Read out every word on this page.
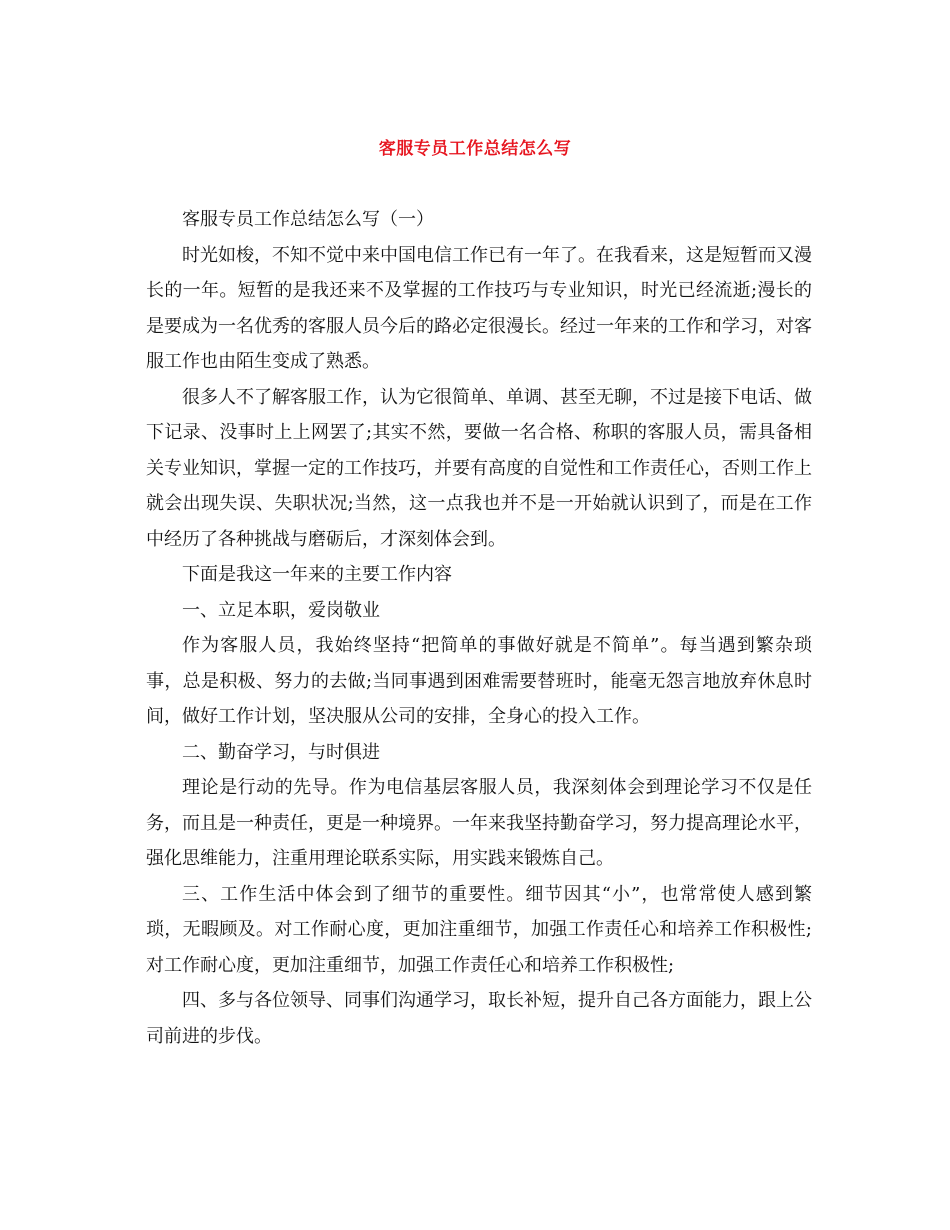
客服专员工作总结怎么写

客服专员工作总结怎么写（一）

时光如梭，不知不觉中来中国电信工作已有一年了。在我看来，这是短暂而又漫长的一年。短暂的是我还来不及掌握的工作技巧与专业知识，时光已经流逝;漫长的是要成为一名优秀的客服人员今后的路必定很漫长。经过一年来的工作和学习，对客服工作也由陌生变成了熟悉。

很多人不了解客服工作，认为它很简单、单调、甚至无聊，不过是接下电话、做下记录、没事时上上网罢了;其实不然，要做一名合格、称职的客服人员，需具备相关专业知识，掌握一定的工作技巧，并要有高度的自觉性和工作责任心，否则工作上就会出现失误、失职状况;当然，这一点我也并不是一开始就认识到了，而是在工作中经历了各种挑战与磨砺后，才深刻体会到。

下面是我这一年来的主要工作内容

一、立足本职，爱岗敬业

作为客服人员，我始终坚持“把简单的事做好就是不简单”。每当遇到繁杂琐事，总是积极、努力的去做;当同事遇到困难需要替班时，能毫无怨言地放弃休息时间，做好工作计划，坚决服从公司的安排，全身心的投入工作。

二、勤奋学习，与时俱进

理论是行动的先导。作为电信基层客服人员，我深刻体会到理论学习不仅是任务，而且是一种责任，更是一种境界。一年来我坚持勤奋学习，努力提高理论水平，强化思维能力，注重用理论联系实际，用实践来锻炼自己。

三、工作生活中体会到了细节的重要性。细节因其“小”，也常常使人感到繁琐，无暇顾及。对工作耐心度，更加注重细节，加强工作责任心和培养工作积极性;对工作耐心度，更加注重细节，加强工作责任心和培养工作积极性;

四、多与各位领导、同事们沟通学习，取长补短，提升自己各方面能力，跟上公司前进的步伐。
